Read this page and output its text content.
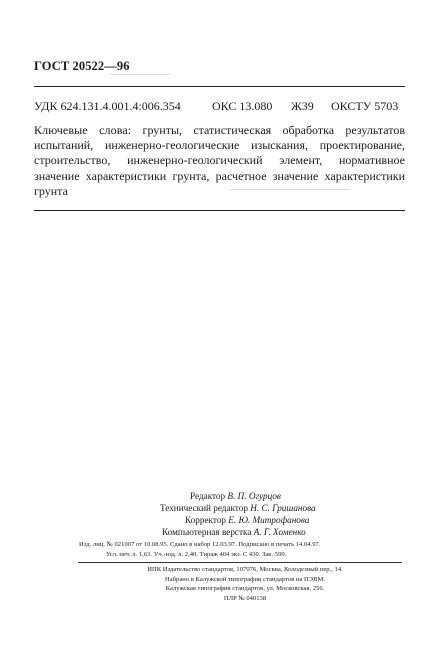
ГОСТ 20522—96
УДК 624.131.4.001.4:006.354	ОКС 13.080 Ж39 ОКСТУ 5703
Ключевые слова: грунты, статистическая обработка результатов испытаний, инженерно-геологические изыскания, проектирование, строительство, инженерно-геологический элемент, нормативное значение характеристики грунта, расчетное значение характеристики грунта
Редактор В. П. Огурцов
Технический редактор Н. С. Гришанова
Корректор Е. Ю. Митрофанова
Компьютерная верстка А. Г. Хоменко
Изд. лиц. № 021007 от 10.08.95. Сдано в набор 12.03.97. Подписано в печать 14.04.97.
Усл. печ. л. 1,63. Уч.-изд. л. 2,40. Тираж 404 экз. С 430. Зак. 599.
ИПК Издательство стандартов, 107076, Москва, Колодезный пер., 14.
Набрано в Калужской типографии стандартов на ПЭВМ.
Калужская типография стандартов, ул. Московская, 256.
ПЛР № 040138
